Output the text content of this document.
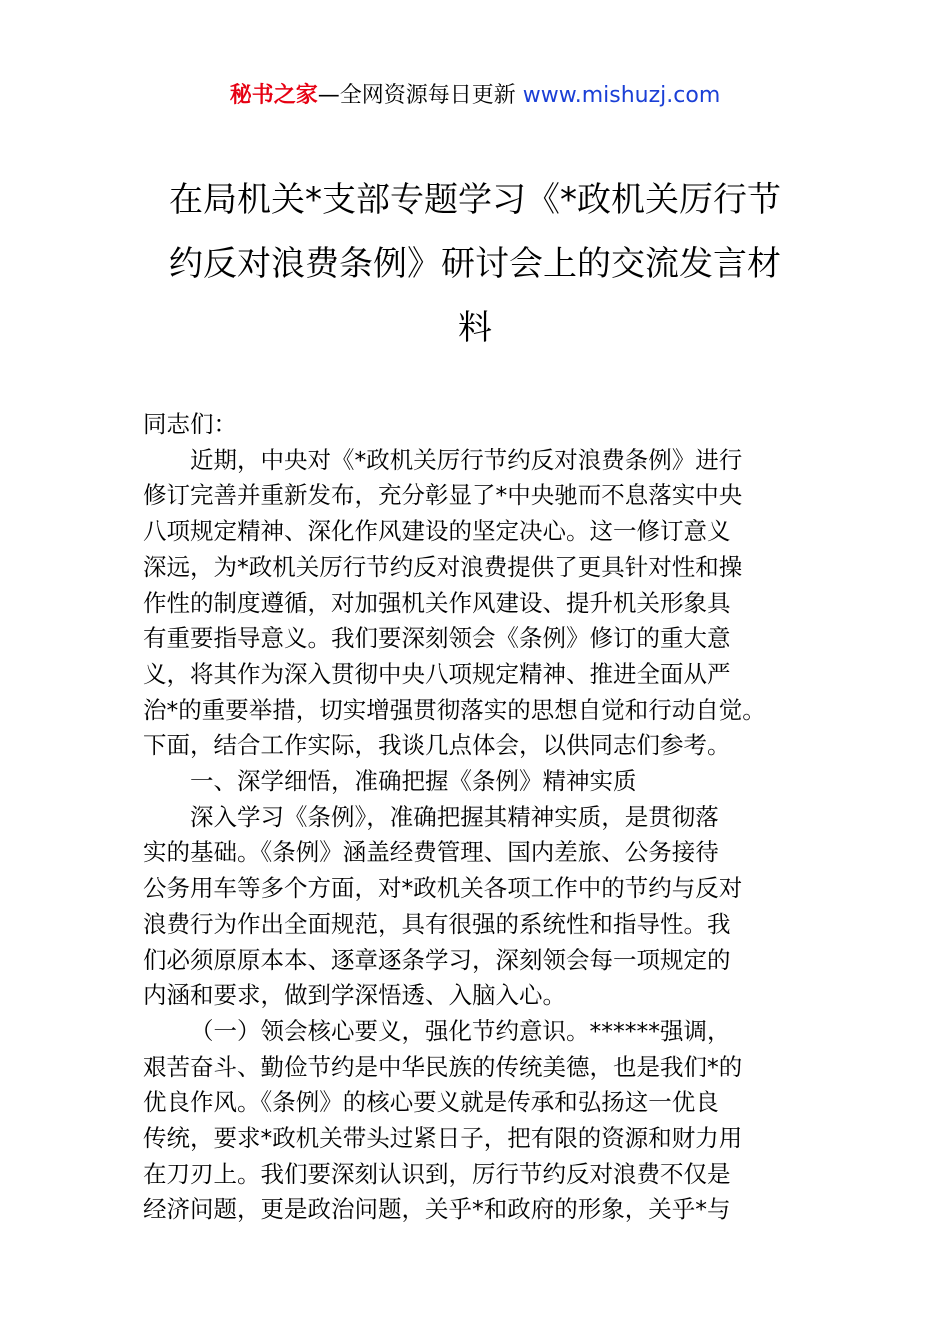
秘书之家—全网资源每日更新 www.mishuzj.com
在局机关*支部专题学习《*政机关厉行节
约反对浪费条例》研讨会上的交流发言材
料
同志们：
近期，中央对《*政机关厉行节约反对浪费条例》进行
修订完善并重新发布，充分彰显了*中央驰而不息落实中央
八项规定精神、深化作风建设的坚定决心。这一修订意义
深远，为*政机关厉行节约反对浪费提供了更具针对性和操
作性的制度遵循，对加强机关作风建设、提升机关形象具
有重要指导意义。我们要深刻领会《条例》修订的重大意
义，将其作为深入贯彻中央八项规定精神、推进全面从严
治*的重要举措，切实增强贯彻落实的思想自觉和行动自觉。
下面，结合工作实际，我谈几点体会，以供同志们参考。
一、深学细悟，准确把握《条例》精神实质
深入学习《条例》，准确把握其精神实质，是贯彻落
实的基础。《条例》涵盖经费管理、国内差旅、公务接待
公务用车等多个方面，对*政机关各项工作中的节约与反对
浪费行为作出全面规范，具有很强的系统性和指导性。我
们必须原原本本、逐章逐条学习，深刻领会每一项规定的
内涵和要求，做到学深悟透、入脑入心。
（一）领会核心要义，强化节约意识。******强调，
艰苦奋斗、勤俭节约是中华民族的传统美德，也是我们*的
优良作风。《条例》的核心要义就是传承和弘扬这一优良
传统，要求*政机关带头过紧日子，把有限的资源和财力用
在刀刃上。我们要深刻认识到，厉行节约反对浪费不仅是
经济问题，更是政治问题，关乎*和政府的形象，关乎*与
